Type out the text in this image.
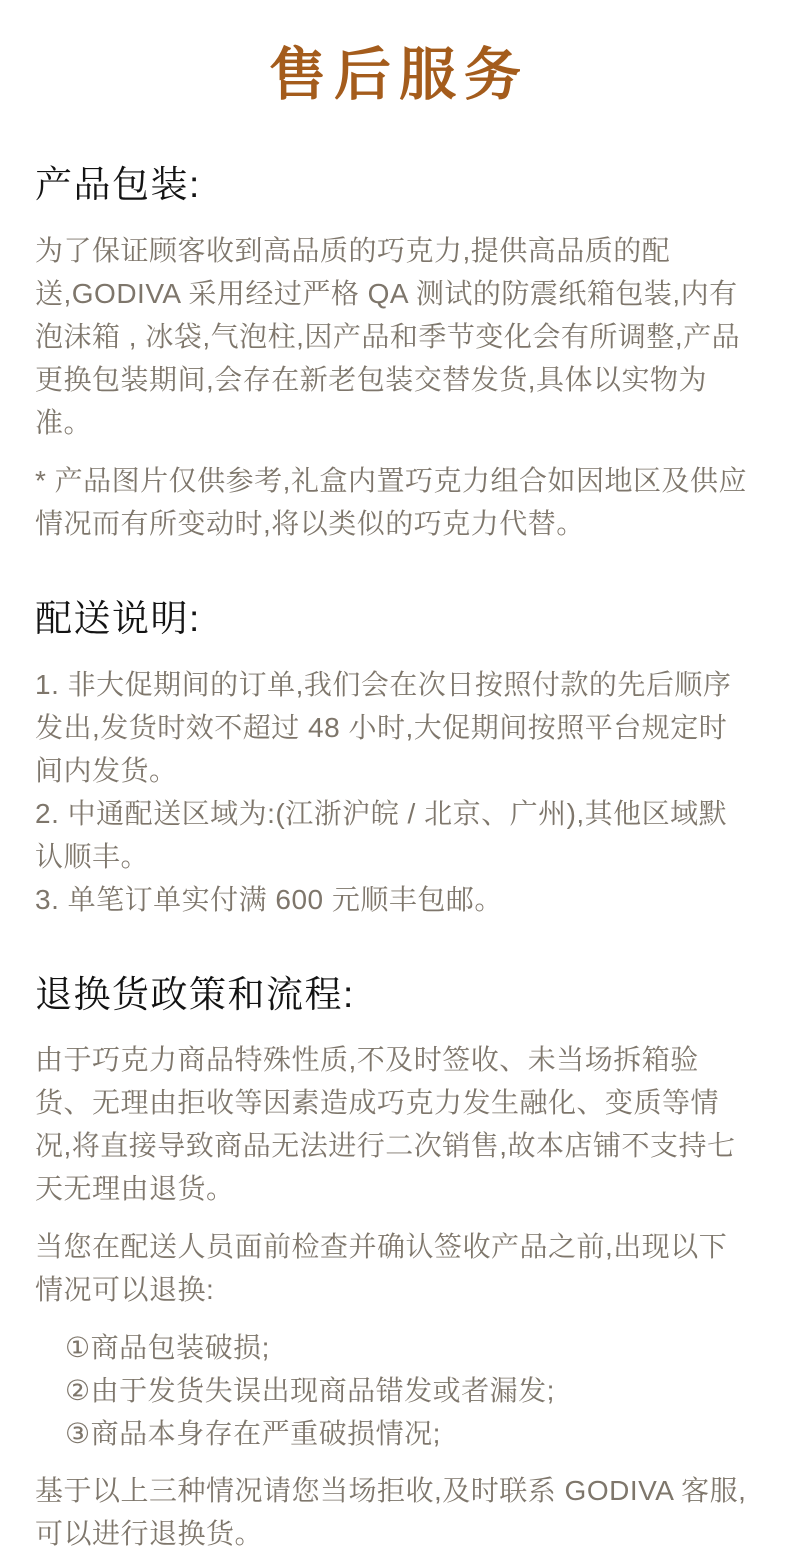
售后服务
产品包装:

为了保证顾客收到高品质的巧克力,提供高品质的配送,GODIVA 采用经过严格 QA 测试的防震纸箱包装,内有泡沫箱 , 冰袋,气泡柱,因产品和季节变化会有所调整,产品更换包装期间,会存在新老包装交替发货,具体以实物为准。

* 产品图片仅供参考,礼盒内置巧克力组合如因地区及供应情况而有所变动时,将以类似的巧克力代替。

配送说明:

1. 非大促期间的订单,我们会在次日按照付款的先后顺序发出,发货时效不超过 48 小时,大促期间按照平台规定时间内发货。

2. 中通配送区域为:(江浙沪皖 / 北京、广州),其他区域默认顺丰。

3. 单笔订单实付满 600 元顺丰包邮。

退换货政策和流程:

由于巧克力商品特殊性质,不及时签收、未当场拆箱验货、无理由拒收等因素造成巧克力发生融化、变质等情况,将直接导致商品无法进行二次销售,故本店铺不支持七天无理由退货。

当您在配送人员面前检查并确认签收产品之前,出现以下情况可以退换:

①商品包装破损;

②由于发货失误出现商品错发或者漏发;

③商品本身存在严重破损情况;

基于以上三种情况请您当场拒收,及时联系 GODIVA 客服,可以进行退换货。
